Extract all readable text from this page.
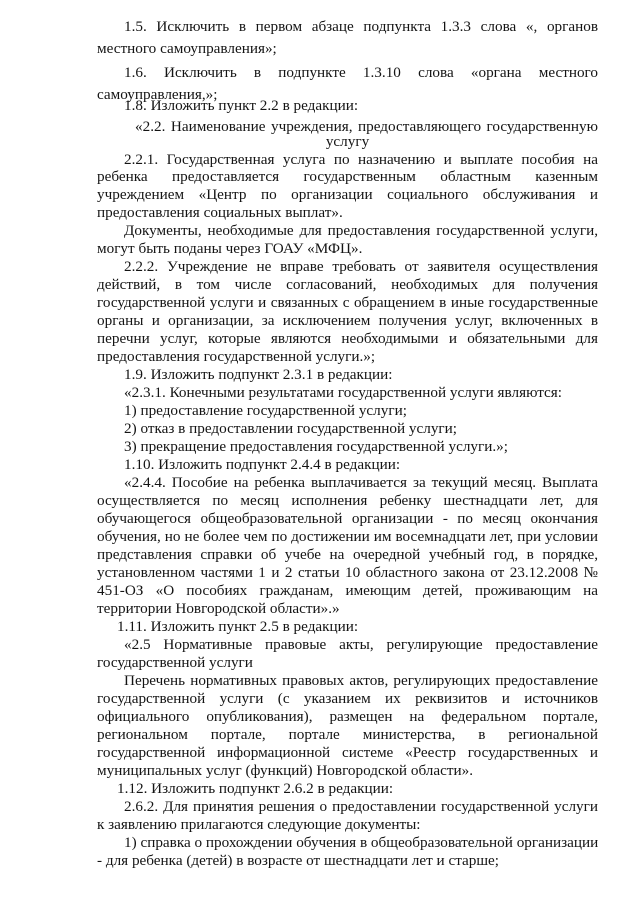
1.5. Исключить в первом абзаце подпункта 1.3.3 слова «, органов
местного самоуправления»;
1.6. Исключить в подпункте 1.3.10 слова «органа местного
самоуправления,»;
1.8. Изложить пункт 2.2 в редакции:
«2.2. Наименование учреждения, предоставляющего государственную
услугу
2.2.1. Государственная услуга по назначению и выплате пособия на
ребенка предоставляется государственным областным казенным
учреждением «Центр по организации социального обслуживания и
предоставления социальных выплат».
Документы, необходимые для предоставления государственной услуги,
могут быть поданы через ГОАУ «МФЦ».
2.2.2. Учреждение не вправе требовать от заявителя осуществления
действий, в том числе согласований, необходимых для получения
государственной услуги и связанных с обращением в иные государственные
органы и организации, за исключением получения услуг, включенных в
перечни услуг, которые являются необходимыми и обязательными для
предоставления государственной услуги.»;
1.9. Изложить подпункт 2.3.1 в редакции:
«2.3.1. Конечными результатами государственной услуги являются:
1) предоставление государственной услуги;
2) отказ в предоставлении государственной услуги;
3) прекращение предоставления государственной услуги.»;
1.10. Изложить подпункт 2.4.4 в редакции:
«2.4.4. Пособие на ребенка выплачивается за текущий месяц. Выплата
осуществляется по месяц исполнения ребенку шестнадцати лет, для
обучающегося общеобразовательной организации - по месяц окончания
обучения, но не более чем по достижении им восемнадцати лет, при условии
представления справки об учебе на очередной учебный год, в порядке,
установленном частями 1 и 2 статьи 10 областного закона от 23.12.2008 №
451-ОЗ «О пособиях гражданам, имеющим детей, проживающим на
территории Новгородской области».»
1.11. Изложить пункт 2.5 в редакции:
«2.5 Нормативные правовые акты, регулирующие предоставление
государственной услуги
Перечень нормативных правовых актов, регулирующих предоставление
государственной услуги (с указанием их реквизитов и источников
официального опубликования), размещен на федеральном портале,
региональном портале, портале министерства, в региональной
государственной информационной системе «Реестр государственных и
муниципальных услуг (функций) Новгородской области».
1.12. Изложить подпункт 2.6.2 в редакции:
2.6.2. Для принятия решения о предоставлении государственной услуги
к заявлению прилагаются следующие документы:
1) справка о прохождении обучения в общеобразовательной организации
- для ребенка (детей) в возрасте от шестнадцати лет и старше;
